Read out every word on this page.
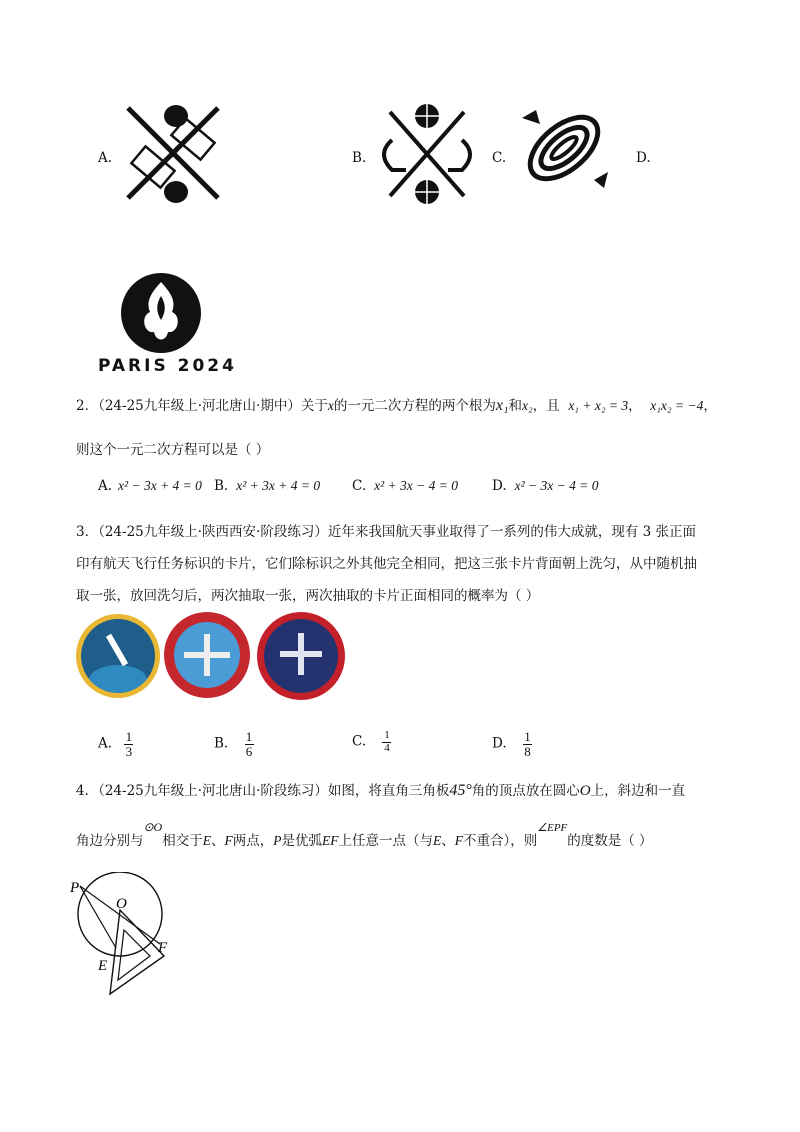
A.	B.	C.	D.
PARIS 2024
2．（24-25九年级上·河北唐山·期中）关于x的一元二次方程的两个根为x₁和x₂，且 x₁ + x₂ = 3， x₁x₂ = −4，
则这个一元二次方程可以是（ ）
A. x² − 3x + 4 = 0 B. x² + 3x + 4 = 0 C. x² + 3x − 4 = 0	D. x² − 3x − 4 = 0
3．（24-25九年级上·陕西西安·阶段练习）近年来我国航天事业取得了一系列的伟大成就，现有 3 张正面
印有航天飞行任务标识的卡片，它们除标识之外其他完全相同，把这三张卡片背面朝上洗匀，从中随机抽
取一张，放回洗匀后，两次抽取一张，两次抽取的卡片正面相同的概率为（ ）
A. $\frac{1}{3}$	B. $\frac{1}{6}$	C. $\frac{1}{4}$	D. $\frac{1}{8}$
4．（24-25九年级上·河北唐山·阶段练习）如图，将直角三角板45°角的顶点放在圆心O上，斜边和一直
角边分别与⊙O相交于E、F两点，P是优弧EF上任意一点（与E、F不重合），则$^{\angle EPF}$的度数是（ ）
P
O
E
F
